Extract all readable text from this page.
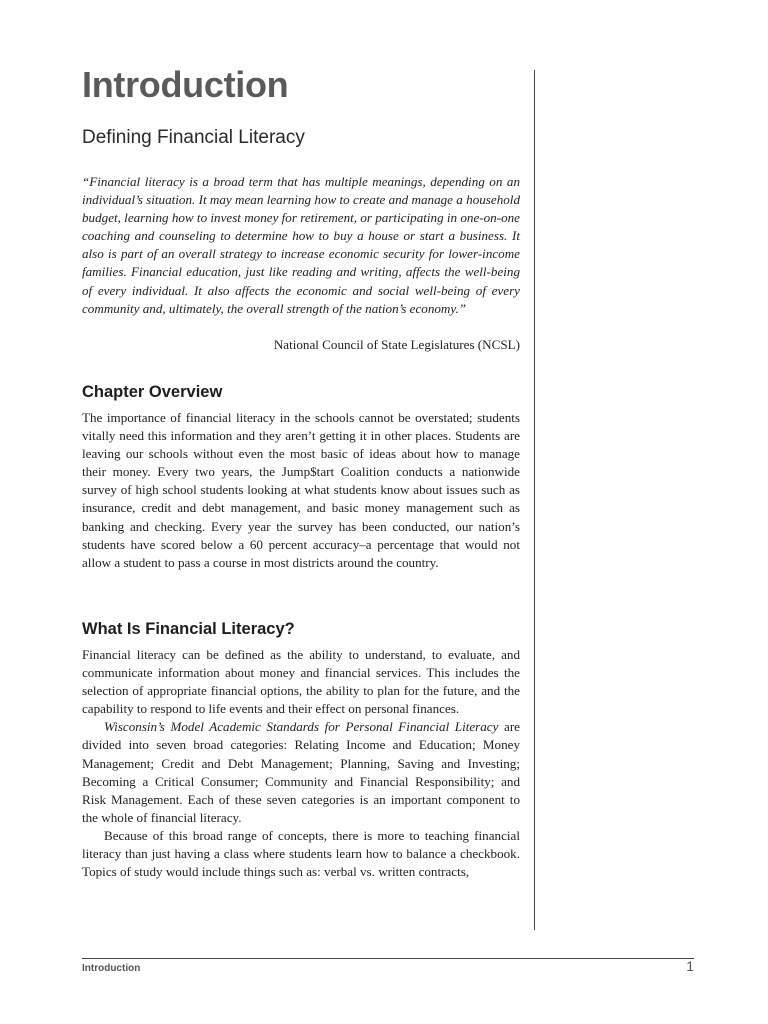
Introduction
Defining Financial Literacy
“Financial literacy is a broad term that has multiple meanings, depending on an individual’s situation. It may mean learning how to create and manage a household budget, learning how to invest money for retirement, or participating in one-on-one coaching and counseling to determine how to buy a house or start a business. It also is part of an overall strategy to increase economic security for lower-income families. Financial education, just like reading and writing, affects the well-being of every individual. It also affects the economic and social well-being of every community and, ultimately, the overall strength of the nation’s economy.”
National Council of State Legislatures (NCSL)
Chapter Overview
The importance of financial literacy in the schools cannot be overstated; students vitally need this information and they aren’t getting it in other places. Students are leaving our schools without even the most basic of ideas about how to manage their money. Every two years, the Jump$tart Coalition conducts a nationwide survey of high school students looking at what students know about issues such as insurance, credit and debt management, and basic money management such as banking and checking. Every year the survey has been conducted, our nation’s students have scored below a 60 percent accuracy–a percentage that would not allow a student to pass a course in most districts around the country.
What Is Financial Literacy?

Financial literacy can be defined as the ability to understand, to evaluate, and communicate information about money and financial services. This includes the selection of appropriate financial options, the ability to plan for the future, and the capability to respond to life events and their effect on personal finances.

Wisconsin’s Model Academic Standards for Personal Financial Literacy are divided into seven broad categories: Relating Income and Education; Money Management; Credit and Debt Management; Planning, Saving and Investing; Becoming a Critical Consumer; Community and Financial Responsibility; and Risk Management. Each of these seven categories is an important component to the whole of financial literacy.

Because of this broad range of concepts, there is more to teaching financial literacy than just having a class where students learn how to balance a checkbook. Topics of study would include things such as: verbal vs. written contracts,

Introduction	1
